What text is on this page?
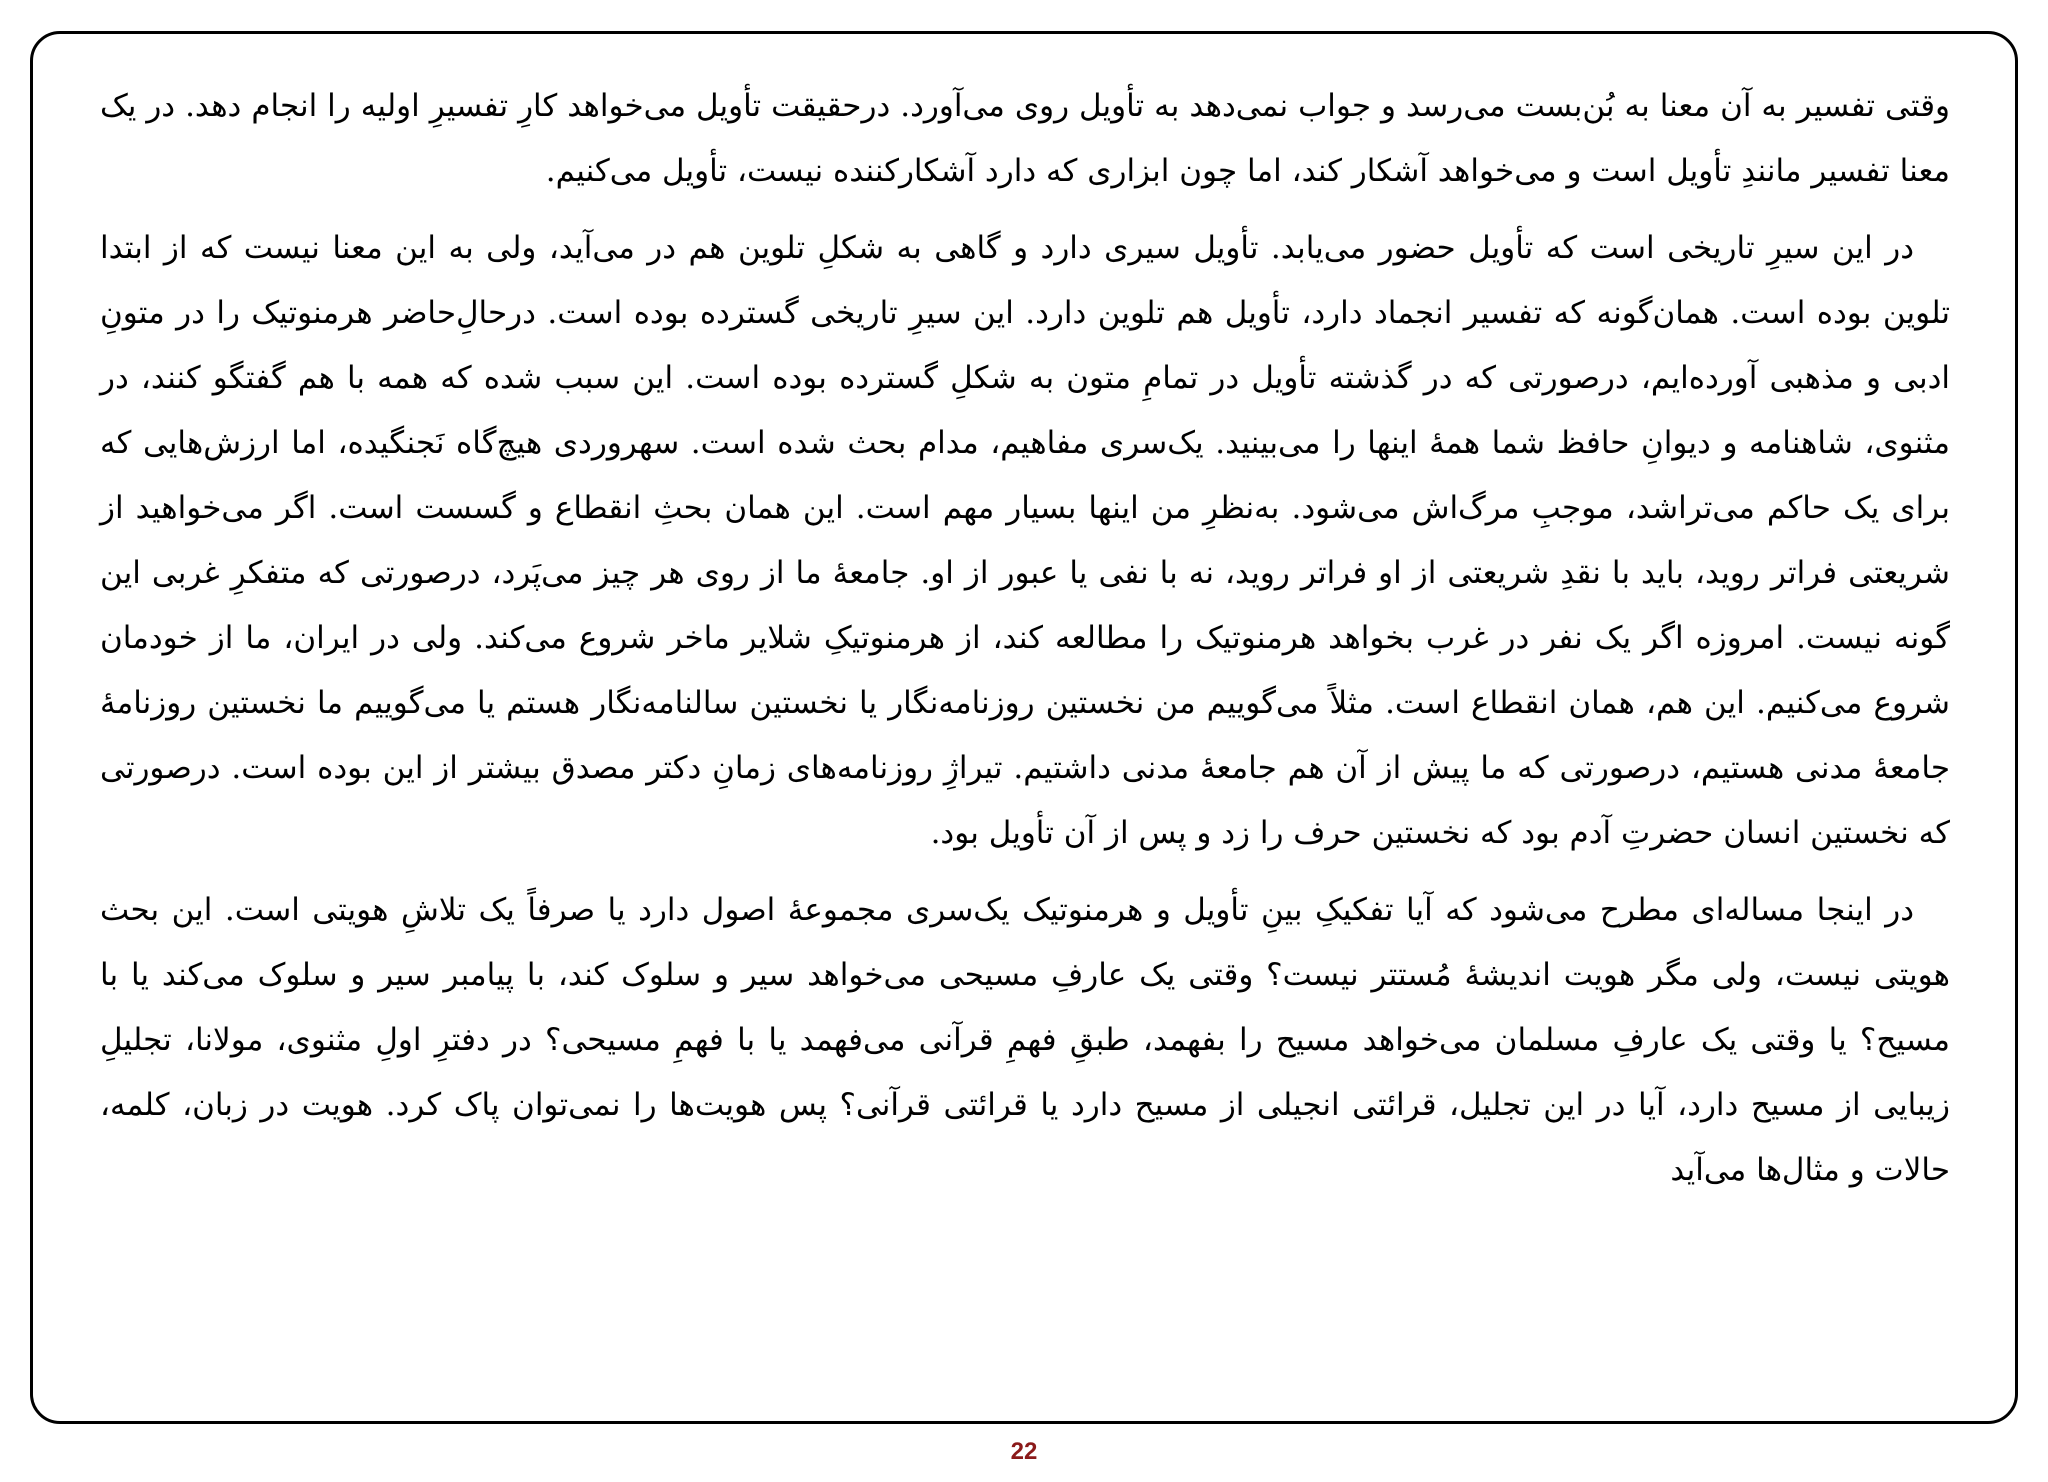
وقتی تفسیر به آن معنا به بُن‌بست می‌رسد و جواب نمی‌دهد به تأویل روی می‌آورد. درحقیقت تأویل می‌خواهد کارِ تفسیرِ اولیه را انجام دهد. در یک معنا تفسیر مانندِ تأویل است و می‌خواهد آشکار کند، اما چون ابزاری که دارد آشکارکننده نیست، تأویل می‌کنیم.

در این سیرِ تاریخی است که تأویل حضور می‌یابد. تأویل سیری دارد و گاهی به شکلِ تلوین هم در می‌آید، ولی به این معنا نیست که از ابتدا تلوین بوده است. همان‌گونه که تفسیر انجماد دارد، تأویل هم تلوین دارد. این سیرِ تاریخی گسترده بوده است. درحالِ‌حاضر هرمنوتیک را در متونِ ادبی و مذهبی آورده‌ایم، درصورتی که در گذشته تأویل در تمامِ متون به شکلِ گسترده بوده است. این سبب شده که همه با هم گفتگو کنند، در مثنوی، شاهنامه و دیوانِ حافظ شما همهٔ اینها را می‌بینید. یک‌سری مفاهیم، مدام بحث شده است. سهروردی هیچ‌گاه نَجنگیده، اما ارزش‌هایی که برای یک حاکم می‌تراشد، موجبِ مرگ‌اش می‌شود. به‌نظرِ من اینها بسیار مهم است. این همان بحثِ انقطاع و گسست است. اگر می‌خواهید از شریعتی فراتر روید، باید با نقدِ شریعتی از او فراتر روید، نه با نفی یا عبور از او. جامعهٔ ما از روی هر چیز می‌پَرد، درصورتی که متفکرِ غربی این گونه نیست. امروزه اگر یک نفر در غرب بخواهد هرمنوتیک را مطالعه کند، از هرمنوتیکِ شلایر ماخر شروع می‌کند. ولی در ایران، ما از خودمان شروع می‌کنیم. این هم، همان انقطاع است. مثلاً می‌گوییم من نخستین روزنامه‌نگار یا نخستین سالنامه‌نگار هستم یا می‌گوییم ما نخستین روزنامهٔ جامعهٔ مدنی هستیم، درصورتی که ما پیش از آن هم جامعهٔ مدنی داشتیم. تیراژِ روزنامه‌های زمانِ دکتر مصدق بیشتر از این بوده است. درصورتی که نخستین انسان حضرتِ آدم بود که نخستین حرف را زد و پس از آن تأویل بود.

در اینجا مساله‌ای مطرح می‌شود که آیا تفکیکِ بینِ تأویل و هرمنوتیک یک‌سری مجموعهٔ اصول دارد یا صرفاً یک تلاشِ هویتی است. این بحث هویتی نیست، ولی مگر هویت اندیشهٔ مُستتر نیست؟ وقتی یک عارفِ مسیحی می‌خواهد سیر و سلوک کند، با پیامبر سیر و سلوک می‌کند یا با مسیح؟ یا وقتی یک عارفِ مسلمان می‌خواهد مسیح را بفهمد، طبقِ فهمِ قرآنی می‌فهمد یا با فهمِ مسیحی؟ در دفترِ اولِ مثنوی، مولانا، تجلیلِ زیبایی از مسیح دارد، آیا در این تجلیل، قرائتی انجیلی از مسیح دارد یا قرائتی قرآنی؟ پس هویت‌ها را نمی‌توان پاک کرد. هویت در زبان، کلمه، حالات و مثال‌ها می‌آید

22
